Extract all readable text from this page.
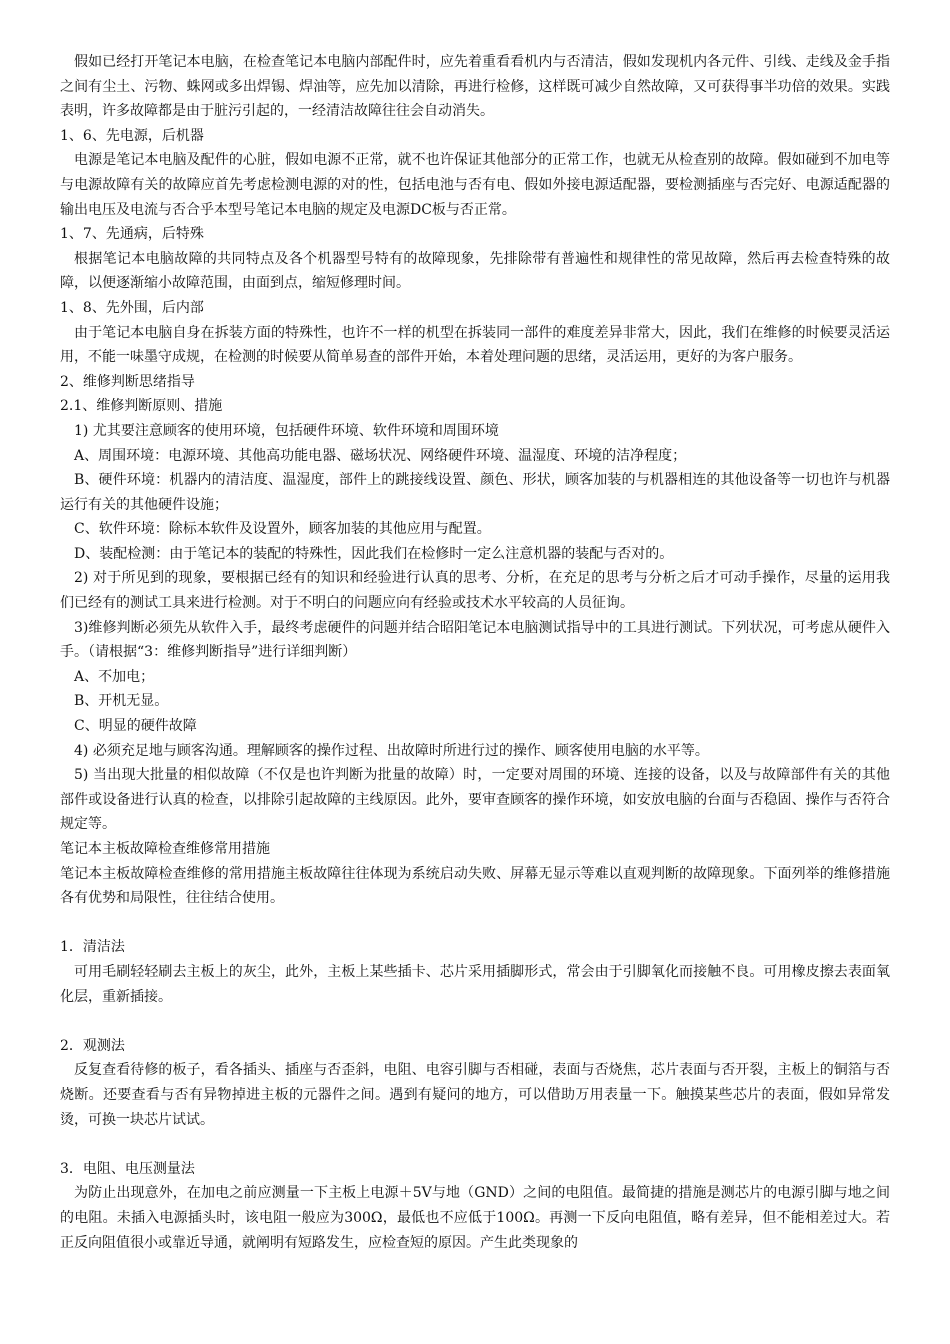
假如已经打开笔记本电脑，在检查笔记本电脑内部配件时，应先着重看看机内与否清洁，假如发现机内各元件、引线、走线及金手指之间有尘土、污物、蛛网或多出焊锡、焊油等，应先加以清除，再进行检修，这样既可减少自然故障，又可获得事半功倍的效果。实践表明，许多故障都是由于脏污引起的，一经清洁故障往往会自动消失。

1、6、先电源，后机器

电源是笔记本电脑及配件的心脏，假如电源不正常，就不也许保证其他部分的正常工作，也就无从检查别的故障。假如碰到不加电等与电源故障有关的故障应首先考虑检测电源的对的性，包括电池与否有电、假如外接电源适配器，要检测插座与否完好、电源适配器的输出电压及电流与否合乎本型号笔记本电脑的规定及电源DC板与否正常。

1、7、先通病，后特殊

根据笔记本电脑故障的共同特点及各个机器型号特有的故障现象，先排除带有普遍性和规律性的常见故障，然后再去检查特殊的故障，以便逐渐缩小故障范围，由面到点，缩短修理时间。

1、8、先外围，后内部

由于笔记本电脑自身在拆装方面的特殊性，也许不一样的机型在拆装同一部件的难度差异非常大，因此，我们在维修的时候要灵活运用，不能一味墨守成规，在检测的时候要从简单易查的部件开始，本着处理问题的思绪，灵活运用，更好的为客户服务。

2、维修判断思绪指导

2.1、维修判断原则、措施

1) 尤其要注意顾客的使用环境，包括硬件环境、软件环境和周围环境

A、周围环境：电源环境、其他高功能电器、磁场状况、网络硬件环境、温湿度、环境的洁净程度；

B、硬件环境：机器内的清洁度、温湿度，部件上的跳接线设置、颜色、形状，顾客加装的与机器相连的其他设备等一切也许与机器运行有关的其他硬件设施；

C、软件环境：除标本软件及设置外，顾客加装的其他应用与配置。

D、装配检测：由于笔记本的装配的特殊性，因此我们在检修时一定么注意机器的装配与否对的。

2) 对于所见到的现象，要根据已经有的知识和经验进行认真的思考、分析，在充足的思考与分析之后才可动手操作，尽量的运用我们已经有的测试工具来进行检测。对于不明白的问题应向有经验或技术水平较高的人员征询。

3)维修判断必须先从软件入手，最终考虑硬件的问题并结合昭阳笔记本电脑测试指导中的工具进行测试。下列状况，可考虑从硬件入手。（请根据“3：维修判断指导”进行详细判断）

A、不加电；

B、开机无显。

C、明显的硬件故障

4) 必须充足地与顾客沟通。理解顾客的操作过程、出故障时所进行过的操作、顾客使用电脑的水平等。

5) 当出现大批量的相似故障（不仅是也许判断为批量的故障）时，一定要对周围的环境、连接的设备，以及与故障部件有关的其他部件或设备进行认真的检查，以排除引起故障的主线原因。此外，要审查顾客的操作环境，如安放电脑的台面与否稳固、操作与否符合规定等。

笔记本主板故障检查维修常用措施

笔记本主板故障检查维修的常用措施主板故障往往体现为系统启动失败、屏幕无显示等难以直观判断的故障现象。下面列举的维修措施各有优势和局限性，往往结合使用。

1．清洁法

可用毛刷轻轻刷去主板上的灰尘，此外，主板上某些插卡、芯片采用插脚形式，常会由于引脚氧化而接触不良。可用橡皮擦去表面氧化层，重新插接。

2．观测法

反复查看待修的板子，看各插头、插座与否歪斜，电阻、电容引脚与否相碰，表面与否烧焦，芯片表面与否开裂，主板上的铜箔与否烧断。还要查看与否有异物掉进主板的元器件之间。遇到有疑问的地方，可以借助万用表量一下。触摸某些芯片的表面，假如异常发烫，可换一块芯片试试。

3．电阻、电压测量法

为防止出现意外，在加电之前应测量一下主板上电源＋5V与地（GND）之间的电阻值。最简捷的措施是测芯片的电源引脚与地之间的电阻。未插入电源插头时，该电阻一般应为300Ω，最低也不应低于100Ω。再测一下反向电阻值，略有差异，但不能相差过大。若正反向阻值很小或靠近导通，就阐明有短路发生，应检查短的原因。产生此类现象的
